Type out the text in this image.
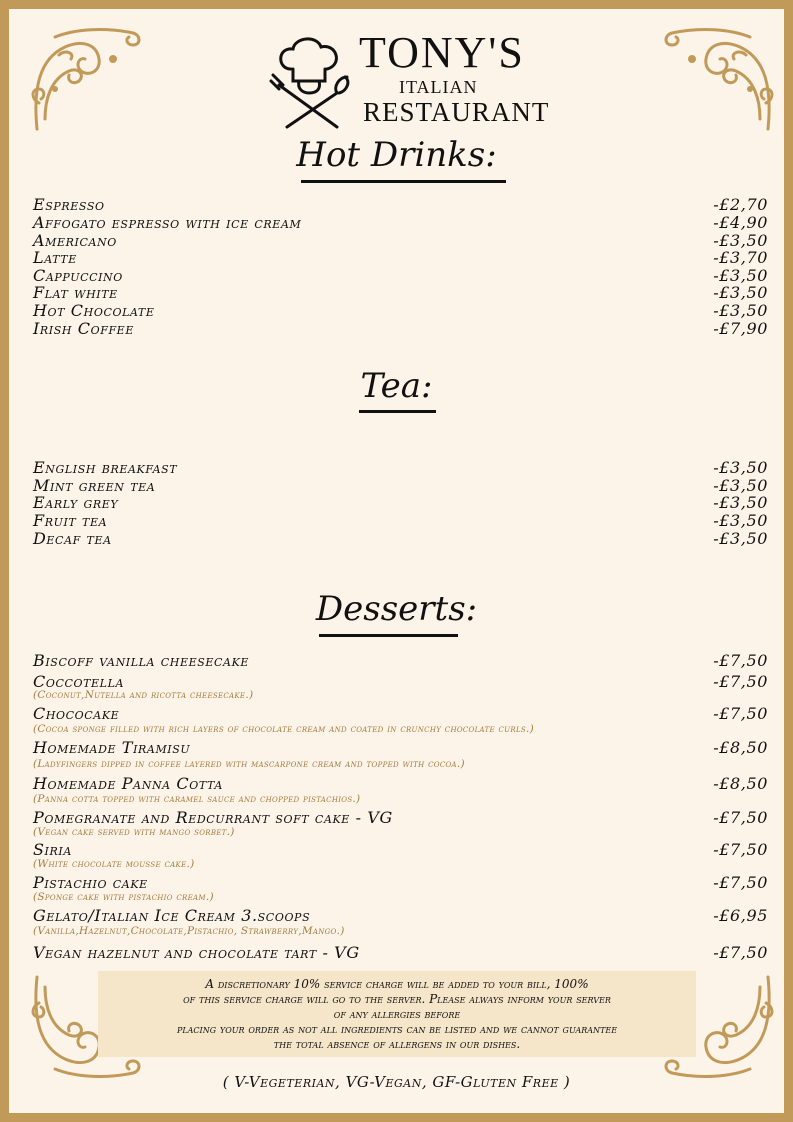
TONY'S
ITALIAN
RESTAURANT
Hot Drinks:
Espresso	-£2,70
Affogato espresso with ice cream	-£4,90
Americano	-£3,50
Latte	-£3,70
Cappuccino	-£3,50
Flat white	-£3,50
Hot Chocolate	-£3,50
Irish Coffee	-£7,90
Tea:
English breakfast	-£3,50
Mint green tea	-£3,50
Early grey	-£3,50
Fruit tea	-£3,50
Decaf tea	-£3,50
Desserts:
Biscoff vanilla cheesecake	-£7,50
Coccotella	-£7,50
(Coconut,Nutella and ricotta cheesecake.)
Chococake	-£7,50
(Cocoa sponge filled with rich layers of chocolate cream and coated in crunchy chocolate curls.)
Homemade Tiramisu	-£8,50
(Ladyfingers dipped in coffee layered with mascarpone cream and topped with cocoa.)
Homemade Panna Cotta	-£8,50
(Panna cotta topped with caramel sauce and chopped pistachios.)
Pomegranate and Redcurrant soft cake - VG	-£7,50
(Vegan cake served with mango sorbet.)
Siria	-£7,50
(White chocolate mousse cake.)
Pistachio cake	-£7,50
(Sponge cake with pistachio cream.)
Gelato/Italian Ice Cream 3.scoops	-£6,95
(Vanilla,Hazelnut,Chocolate,Pistachio, Strawberry,Mango.)
Vegan hazelnut and chocolate tart - VG	-£7,50
A discretionary 10% service charge will be added to your bill, 100%
of this service charge will go to the server. Please always inform your server
of any allergies before
placing your order as not all ingredients can be listed and we cannot guarantee
the total absence of allergens in our dishes.
( V-Vegeterian, VG-Vegan, GF-Gluten Free )
